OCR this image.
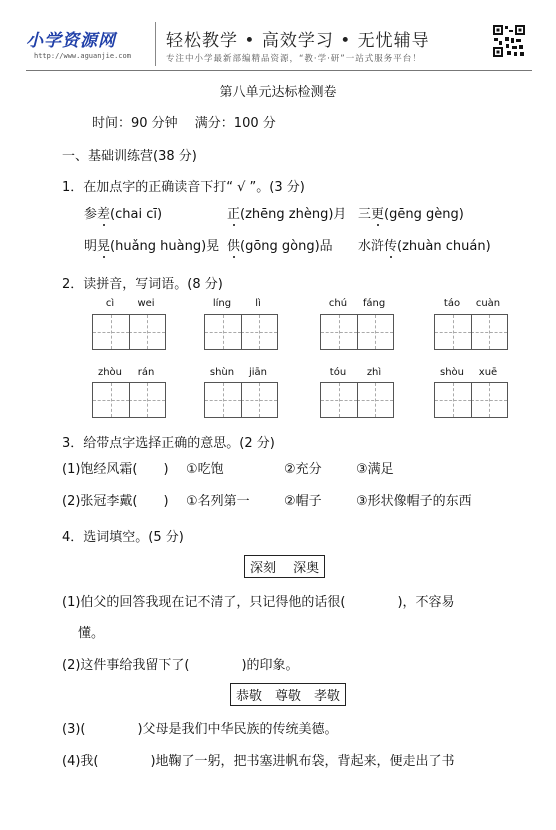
小学资源网
http://www.aguanjie.com
轻松教学 • 高效学习 • 无忧辅导
专注中小学最新部编精品资源，“教·学·研”一站式服务平台！
第八单元达标检测卷
时间：90 分钟　 满分：100 分
一、基础训练营(38 分)
1．在加点字的正确读音下打“ √ ”。(3 分)
参差(chai cī)	正(zhēng zhèng)月 三更(gēng gèng)
明晃(huǎng huàng)晃 供(gōng gòng)品 水浒传(zhuàn chuán)
2．读拼音，写词语。(8 分)
cì	wei	líng	lì	chú	fáng	táo	cuàn
zhòu	rán	shùn	jiān	tóu	zhì	shòu	xuē
3．给带点字选择正确的意思。(2 分)
(1)饱经风霜(　　) ①吃饱	②充分	③满足
(2)张冠李戴(　　) ①名列第一	②帽子	③形状像帽子的东西
4．选词填空。(5 分)
深刻　 深奥
(1)伯父的回答我现在记不清了，只记得他的话很(　　　　)，不容易
懂。
(2)这件事给我留下了(　　　　)的印象。
恭敬　尊敬　孝敬
(3)(　　　　)父母是我们中华民族的传统美德。
(4)我(　　　　)地鞠了一躬，把书塞进帆布袋，背起来，便走出了书
